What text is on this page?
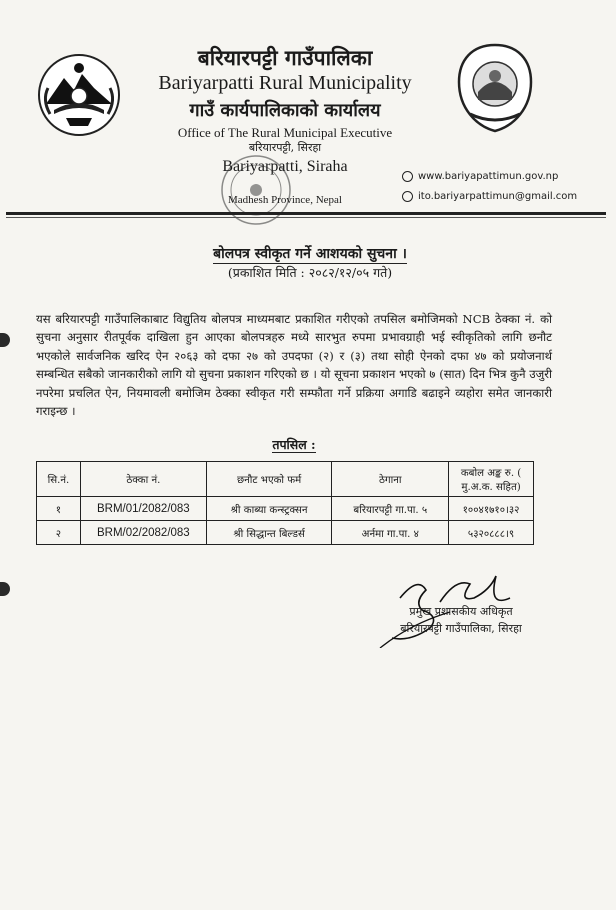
बरियारपट्टी गाउँपालिका
Bariyarpatti Rural Municipality
गाउँ कार्यपालिकाको कार्यालय
Office of The Rural Municipal Executive
बरियारपट्टी, सिरहा
Bariyarpatti, Siraha
Madhesh Province, Nepal
www.bariyapattimun.gov.np
ito.bariyarpattimun@gmail.com
बोलपत्र स्वीकृत गर्ने आशयको सुचना ।
(प्रकाशित मिति : २०८२/१२/०५ गते)
यस बरियारपट्टी गाउँपालिकाबाट विद्युतिय बोलपत्र माध्यमबाट प्रकाशित गरीएको तपसिल बमोजिमको NCB ठेक्का नं. को सुचना अनुसार रीतपूर्वक दाखिला हुन आएका बोलपत्रहरु मध्ये सारभुत रुपमा प्रभावग्राही भई स्वीकृतिको लागि छनौट भएकोले सार्वजनिक खरिद ऐन २०६३ को दफा २७ को उपदफा (२) र (३) तथा सोही ऐनको दफा ४७ को प्रयोजनार्थ सम्बन्धित सबैको जानकारीको लागि यो सुचना प्रकाशन गरिएको छ । यो सूचना प्रकाशन भएको ७ (सात) दिन भित्र कुनै उजुरी नपरेमा प्रचलित ऐन, नियमावली बमोजिम ठेक्का स्वीकृत गरी सम्फौता गर्ने प्रक्रिया अगाडि बढाइने व्यहोरा समेत जानकारी गराइन्छ ।
तपसिल :
सि.नं.	ठेक्का नं.	छनौट भएको फर्म	ठेगाना	कबोल अङ्क रु. ( मु.अ.क. सहित)
१	BRM/01/2082/083	श्री काब्या कन्स्ट्रक्सन	बरियारपट्टी गा.पा. ५	१००४१७१०।३२
२	BRM/02/2082/083	श्री सिद्धान्त बिल्डर्स	अर्नमा गा.पा. ४	५३२०८८८।९
प्रमुख प्रशासकीय अधिकृत
बरियारपट्टी गाउँपालिका, सिरहा
